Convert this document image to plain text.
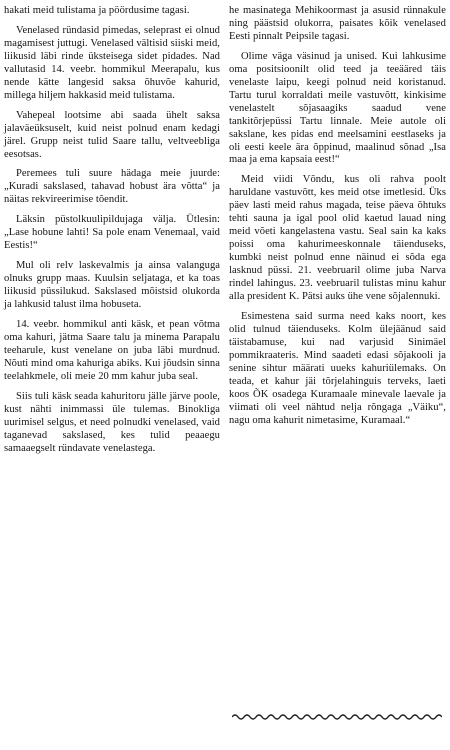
hakati meid tulistama ja pöördusime tagasi.

Venelased ründasid pimedas, seleprast ei olnud magamisest juttugi. Venelased vältisid siiski meid, liikusid läbi rinde üksteisega sidet pidades. Nad vallutasid 14. veebr. hommikul Meerapalu, kus nende kätte langesid saksa õhuvõe kahurid, millega hiljem hakkasid meid tulistama.

Vahepeal lootsime abi saada ühelt saksa jalaväeüksuselt, kuid neist polnud enam kedagi järel. Grupp neist tulid Saare tallu, veltveebliga eesotsas.

Peremees tuli suure hädaga meie juurde: „Kuradi sakslased, tahavad hobust ära võtta“ ja näitas rekvireerimise tõendit.

Läksin püstolkuulipildujaga välja. Ütlesin: „Lase hobune lahti! Sa pole enam Venemaal, vaid Eestis!“

Mul oli relv laskevalmis ja ainsa valanguga olnuks grupp maas. Kuulsin seljataga, et ka toas liikusid püssilukud. Sakslased mõistsid olukorda ja lahkusid talust ilma hobuseta.

14. veebr. hommikul anti käsk, et pean võtma oma kahuri, jätma Saare talu ja minema Parapalu teeharule, kust venelane on juba läbi murdnud. Nõuti mind oma kahuriga abiks. Kui jõudsin sinna teelahkmele, oli meie 20 mm kahur juba seal.

Siis tuli käsk seada kahuritoru jälle järve poole, kust nähti inimmassi üle tulemas. Binokliga uurimisel selgus, et need polnudki venelased, vaid taganevad sakslased, kes tulid peaaegu samaaegselt ründavate venelastega.

he masinatega Mehikoormast ja asusid rünnakule ning päästsid olukorra, paisates kõik venelased Eesti pinnalt Peipsile tagasi.

Olime väga väsinud ja unised. Kui lahkusime oma positsioonilt olid teed ja teeääred täis venelaste laipu, keegi polnud neid koristanud. Tartu turul korraldati meile vastuvõtt, kinkisime venelastelt sõjasaagiks saadud vene tankitõrjepüssi Tartu linnale. Meie autole oli sakslane, kes pidas end meelsamini eestlaseks ja oli eesti keele ära õppinud, maalinud sõnad „Isa maa ja ema kapsaia eest!“

Meid viidi Võndu, kus oli rahva poolt haruldane vastuvõtt, kes meid otse imetlesid. Üks päev lasti meid rahus magada, teise päeva õhtuks tehti sauna ja igal pool olid kaetud lauad ning meid võeti kangelastena vastu. Seal sain ka kaks poissi oma kahurimeeskonnale täienduseks, kumbki neist polnud enne näinud ei sõda ega lasknud püssi. 21. veebruaril olime juba Narva rindel lahingus. 23. veebruaril tulistas minu kahur alla president K. Pätsi auks ühe vene sõjalennuki.

Esimestena said surma need kaks noort, kes olid tulnud täienduseks. Kolm ülejäänud said täistabamuse, kui nad varjusid Sinimäel pommikraateris. Mind saadeti edasi sõjakooli ja senine sihtur määrati uueks kahuriülemaks. On teada, et kahur jäi tõrjelahinguis terveks, laeti koos ÕK osadega Kuramaale minevale laevale ja viimati oli veel nähtud nelja rõngaga „Väiku“, nagu oma kahurit nimetasime, Kuramaal.“
